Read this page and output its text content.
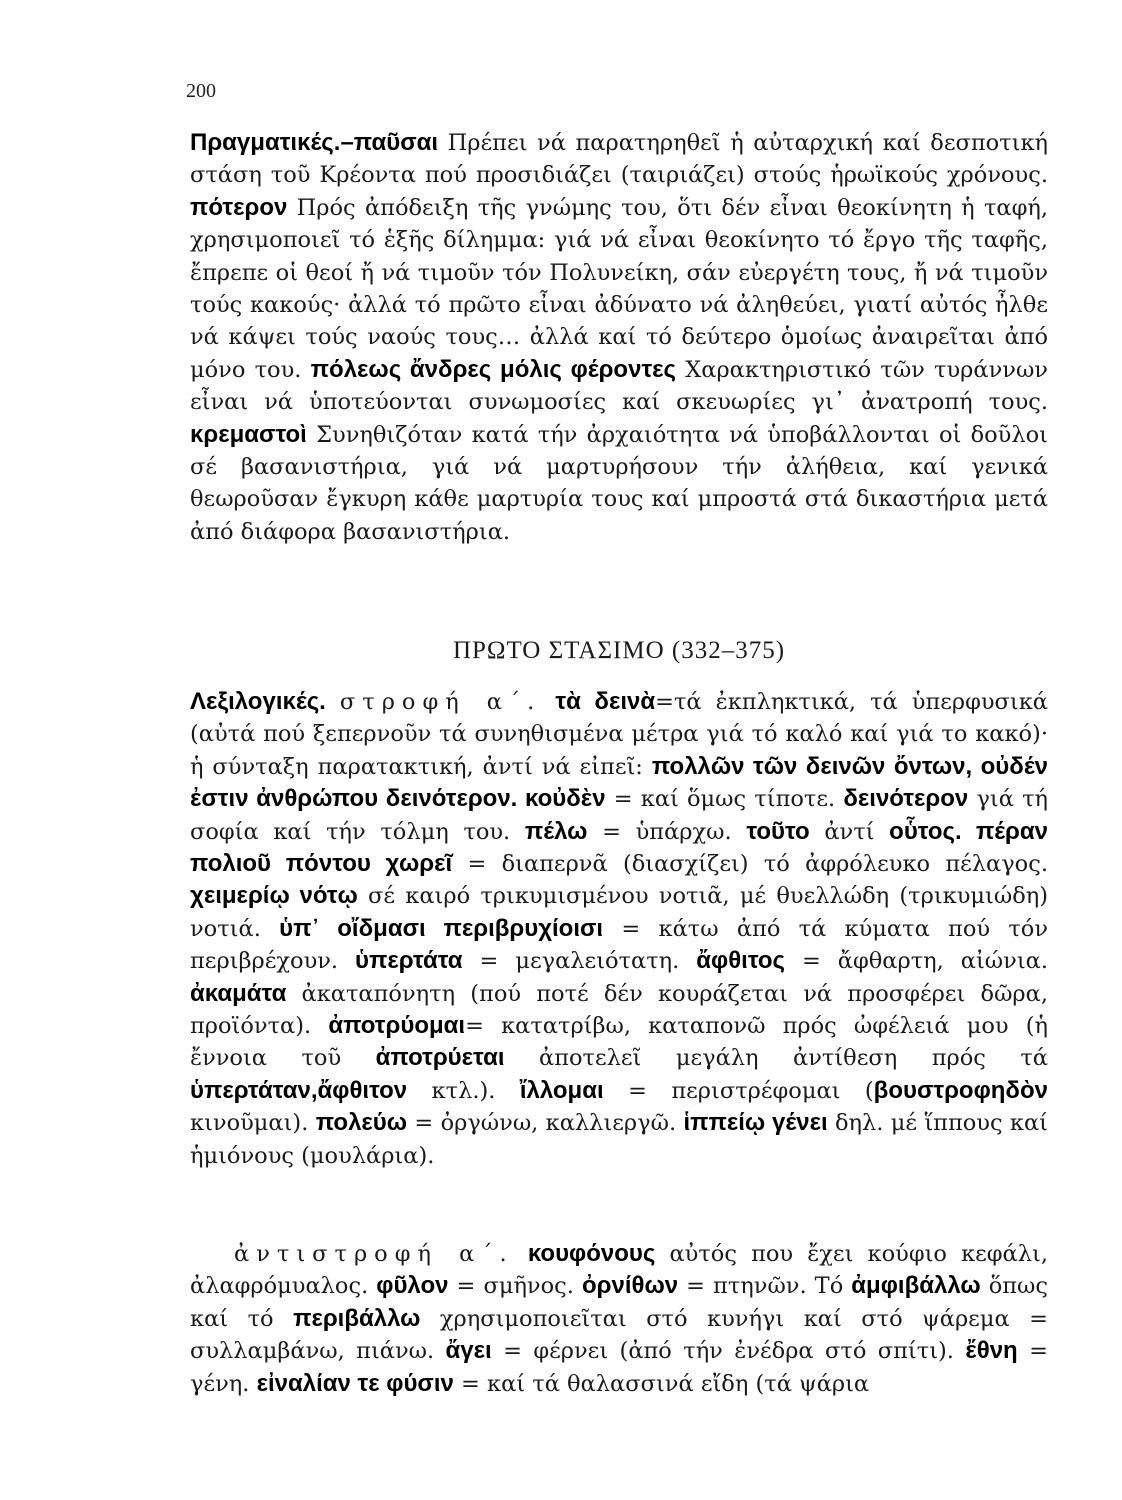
200
Πραγματικές.–παῦσαι Πρέπει νά παρατηρηθεῖ ἡ αὐταρχική καί δεσποτική στάση τοῦ Κρέοντα πού προσιδιάζει (ταιριάζει) στούς ἡρωϊκούς χρόνους. πότερον Πρός ἀπόδειξη τῆς γνώμης του, ὅτι δέν εἶναι θεοκίνητη ἡ ταφή, χρησιμοποιεῖ τό ἑξῆς δίλημμα: γιά νά εἶναι θεοκίνητο τό ἔργο τῆς ταφῆς, ἔπρεπε οἱ θεοί ἤ νά τιμοῦν τόν Πολυνείκη, σάν εὐεργέτη τους, ἤ νά τιμοῦν τούς κακούς· ἀλλά τό πρῶτο εἶναι ἀδύνατο νά ἀληθεύει, γιατί αὐτός ἦλθε νά κάψει τούς ναούς τους… ἀλλά καί τό δεύτερο ὁμοίως ἀναιρεῖται ἀπό μόνο του. πόλεως ἄνδρες μόλις φέροντες Χαρακτηριστικό τῶν τυράννων εἶναι νά ὑποτεύονται συνωμοσίες καί σκευωρίες γι᾽ ἀνατροπή τους. κρεμαστοὶ Συνηθιζόταν κατά τήν ἀρχαιότητα νά ὑποβάλλονται οἱ δοῦλοι σέ βασανιστήρια, γιά νά μαρτυρήσουν τήν ἀλήθεια, καί γενικά θεωροῦσαν ἔγκυρη κάθε μαρτυρία τους καί μπροστά στά δικαστήρια μετά ἀπό διάφορα βασανιστήρια.
ΠΡΩΤΟ ΣΤΑΣΙΜΟ (332–375)
Λεξιλογικές. στροφή α΄. τὰ δεινὰ=τά ἐκπληκτικά, τά ὑπερφυσικά (αὐτά πού ξεπερνοῦν τά συνηθισμένα μέτρα γιά τό καλό καί γιά το κακό)· ἡ σύνταξη παρατακτική, ἀντί νά εἰπεῖ: πολλῶν τῶν δεινῶν ὄντων, οὐδέν ἐστιν ἀνθρώπου δεινότερον. κοὐδὲν = καί ὅμως τίποτε. δεινότερον γιά τή σοφία καί τήν τόλμη του. πέλω = ὑπάρχω. τοῦτο ἀντί οὗτος. πέραν πολιοῦ πόντου χωρεῖ = διαπερνᾶ (διασχίζει) τό ἀφρόλευκο πέλαγος. χειμερίῳ νότῳ σέ καιρό τρικυμισμένου νοτιᾶ, μέ θυελλώδη (τρικυμιώδη) νοτιά. ὑπ᾽ οἴδμασι περιβρυχίοισι = κάτω ἀπό τά κύματα πού τόν περιβρέχουν. ὑπερτάτα = μεγαλειότατη. ἄφθιτος = ἄφθαρτη, αἰώνια. ἀκαμάτα ἀκαταπόνητη (πού ποτέ δέν κουράζεται νά προσφέρει δῶρα, προϊόντα). ἀποτρύομαι= κατατρίβω, καταπονῶ πρός ὠφέλειά μου (ἡ ἔννοια τοῦ ἀποτρύεται ἀποτελεῖ μεγάλη ἀντίθεση πρός τά ὑπερτάταν,ἄφθιτον κτλ.). ἴλλομαι = περιστρέφομαι (βουστροφηδὸν κινοῦμαι). πολεύω = ὀργώνω, καλλιεργῶ. ἱππείῳ γένει δηλ. μέ ἵππους καί ἡμιόνους (μουλάρια).
ἀντιστροφή α΄. κουφόνους αὐτός που ἔχει κούφιο κεφάλι, ἀλαφρόμυαλος. φῦλον = σμῆνος. ὀρνίθων = πτηνῶν. Τό ἀμφιβάλλω ὅπως καί τό περιβάλλω χρησιμοποιεῖται στό κυνήγι καί στό ψάρεμα = συλλαμβάνω, πιάνω. ἄγει = φέρνει (ἀπό τήν ἐνέδρα στό σπίτι). ἔθνη = γένη. εἰναλίαν τε φύσιν = καί τά θαλασσινά εἴδη (τά ψάρια
